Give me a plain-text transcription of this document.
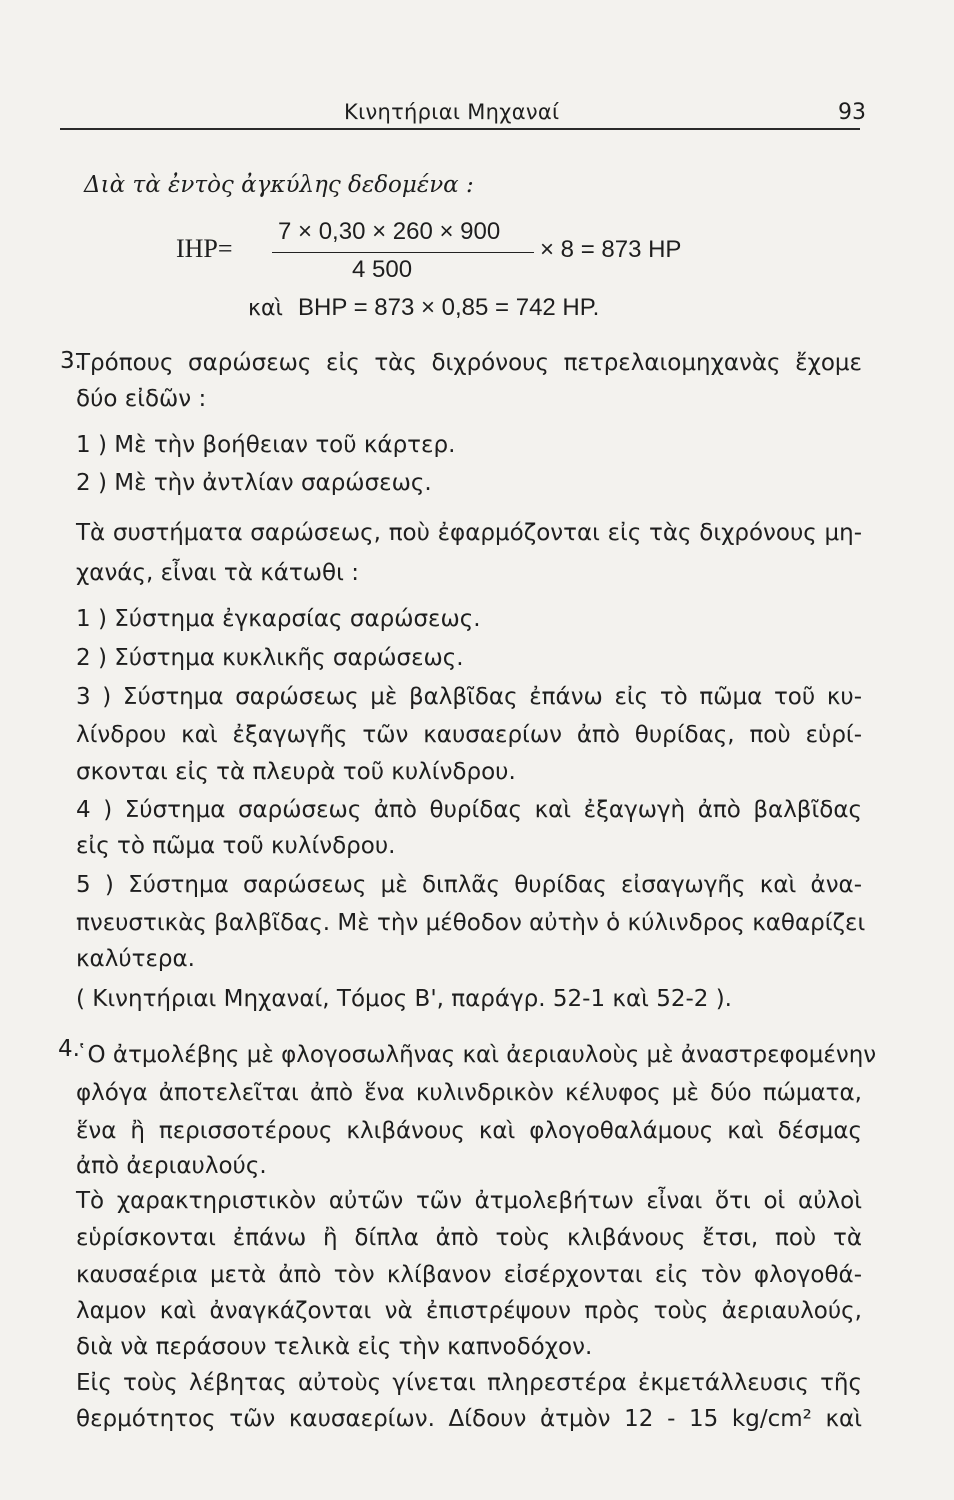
Κινητήριαι Μηχαναί	93
Διὰ τὰ ἐντὸς ἀγκύλης δεδομένα :
IHP=
7 × 0,30 × 260 × 900
4 500
× 8 = 873 HP
καὶ BHP = 873 × 0,85 = 742 HP.
3.
Τρόπους σαρώσεως εἰς τὰς διχρόνους πετρελαιομηχανὰς ἔχομε
δύο εἰδῶν :
1 ) Μὲ τὴν βοήθειαν τοῦ κάρτερ.
2 ) Μὲ τὴν ἀντλίαν σαρώσεως.
Τὰ συστήματα σαρώσεως, ποὺ ἐφαρμόζονται εἰς τὰς διχρόνους μη-
χανάς, εἶναι τὰ κάτωθι :
1 ) Σύστημα ἐγκαρσίας σαρώσεως.
2 ) Σύστημα κυκλικῆς σαρώσεως.
3 ) Σύστημα σαρώσεως μὲ βαλβῖδας ἐπάνω εἰς τὸ πῶμα τοῦ κυ-
λίνδρου καὶ ἐξαγωγῆς τῶν καυσαερίων ἀπὸ θυρίδας, ποὺ εὑρί-
σκονται εἰς τὰ πλευρὰ τοῦ κυλίνδρου.
4 ) Σύστημα σαρώσεως ἀπὸ θυρίδας καὶ ἐξαγωγὴ ἀπὸ βαλβῖδας
εἰς τὸ πῶμα τοῦ κυλίνδρου.
5 ) Σύστημα σαρώσεως μὲ διπλᾶς θυρίδας εἰσαγωγῆς καὶ ἀνα-
πνευστικὰς βαλβῖδας. Μὲ τὴν μέθοδον αὐτὴν ὁ κύλινδρος καθαρίζει
καλύτερα.
( Κινητήριαι Μηχαναί, Τόμος Β', παράγρ. 52-1 καὶ 52-2 ).
4.
῾Ο ἀτμολέβης μὲ φλογοσωλῆνας καὶ ἀεριαυλοὺς μὲ ἀναστρεφομένην
φλόγα ἀποτελεῖται ἀπὸ ἕνα κυλινδρικὸν κέλυφος μὲ δύο πώματα,
ἕνα ἢ περισσοτέρους κλιβάνους καὶ φλογοθαλάμους καὶ δέσμας
ἀπὸ ἀεριαυλούς.
Τὸ χαρακτηριστικὸν αὐτῶν τῶν ἀτμολεβήτων εἶναι ὅτι οἱ αὐλοὶ
εὑρίσκονται ἐπάνω ἢ δίπλα ἀπὸ τοὺς κλιβάνους ἔτσι, ποὺ τὰ
καυσαέρια μετὰ ἀπὸ τὸν κλίβανον εἰσέρχονται εἰς τὸν φλογοθά-
λαμον καὶ ἀναγκάζονται νὰ ἐπιστρέψουν πρὸς τοὺς ἀεριαυλούς,
διὰ νὰ περάσουν τελικὰ εἰς τὴν καπνοδόχον.
Εἰς τοὺς λέβητας αὐτοὺς γίνεται πληρεστέρα ἐκμετάλλευσις τῆς
θερμότητος τῶν καυσαερίων. Δίδουν ἀτμὸν 12 - 15 kg/cm² καὶ
